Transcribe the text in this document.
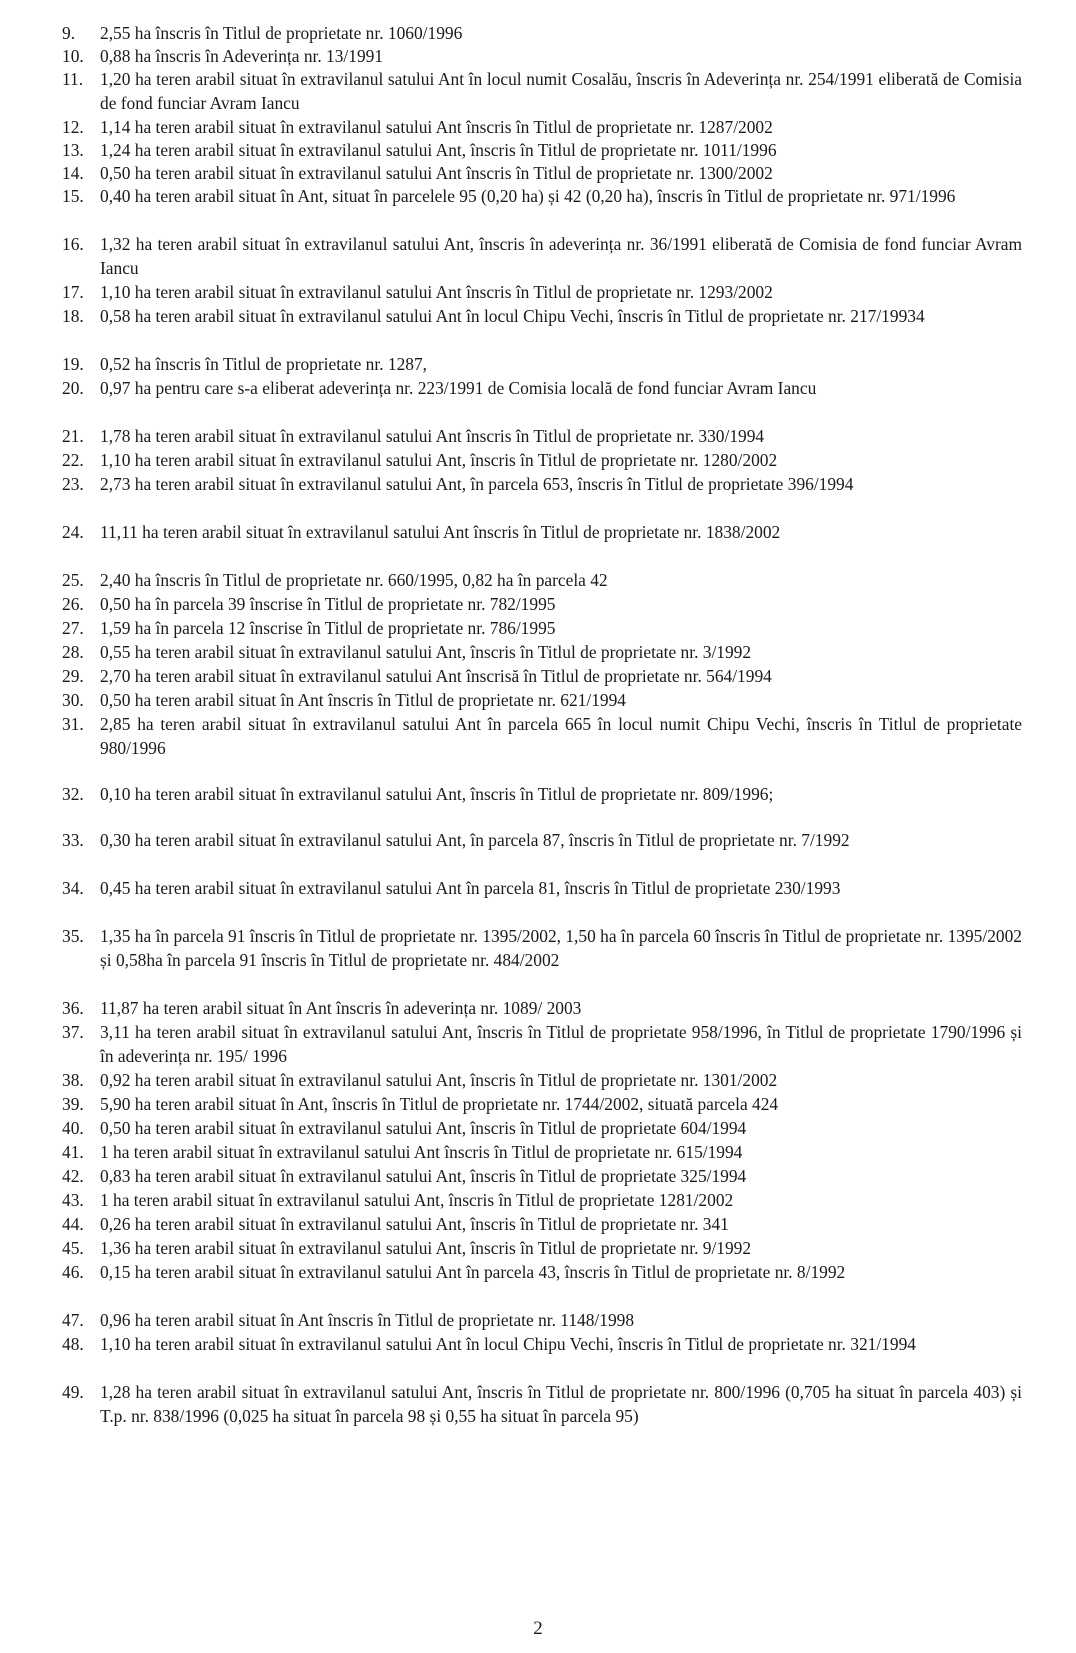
9.	2,55 ha înscris în Titlul de proprietate nr. 1060/1996
10. 0,88 ha înscris în Adeverința nr. 13/1991
11. 1,20 ha teren arabil situat în extravilanul satului Ant în locul numit Cosalău, înscris în Adeverința nr. 254/1991 eliberată de Comisia de fond funciar Avram Iancu
12. 1,14 ha teren arabil situat în extravilanul satului Ant înscris în Titlul de proprietate nr. 1287/2002
13. 1,24 ha teren arabil situat în extravilanul satului Ant, înscris în Titlul de proprietate nr. 1011/1996
14. 0,50 ha teren arabil situat în extravilanul satului Ant înscris în Titlul de proprietate nr. 1300/2002
15. 0,40 ha teren arabil situat în Ant, situat în parcelele 95 (0,20 ha) și 42 (0,20 ha), înscris în Titlul de proprietate nr. 971/1996
16. 1,32 ha teren arabil situat în extravilanul satului Ant, înscris în adeverința nr. 36/1991 eliberată de Comisia de fond funciar Avram Iancu
17. 1,10 ha teren arabil situat în extravilanul satului Ant înscris în Titlul de proprietate nr. 1293/2002
18. 0,58 ha teren arabil situat în extravilanul satului Ant în locul Chipu Vechi, înscris în Titlul de proprietate nr. 217/19934
19. 0,52 ha înscris în Titlul de proprietate nr. 1287,
20. 0,97 ha pentru care s-a eliberat adeverința nr. 223/1991 de Comisia locală de fond funciar Avram Iancu
21. 1,78 ha teren arabil situat în extravilanul satului Ant înscris în Titlul de proprietate nr. 330/1994
22. 1,10 ha teren arabil situat în extravilanul satului Ant, înscris în Titlul de proprietate nr. 1280/2002
23. 2,73 ha teren arabil situat în extravilanul satului Ant, în parcela 653, înscris în Titlul de proprietate 396/1994
24. 11,11 ha teren arabil situat în extravilanul satului Ant înscris în Titlul de proprietate nr. 1838/2002
25. 2,40 ha înscris în Titlul de proprietate nr. 660/1995, 0,82 ha în parcela 42
26. 0,50 ha în parcela 39 înscrise în Titlul de proprietate nr. 782/1995
27. 1,59 ha în parcela 12 înscrise în Titlul de proprietate nr. 786/1995
28. 0,55 ha teren arabil situat în extravilanul satului Ant, înscris în Titlul de proprietate nr. 3/1992
29. 2,70 ha teren arabil situat în extravilanul satului Ant înscrisă în Titlul de proprietate nr. 564/1994
30. 0,50 ha teren arabil situat în Ant înscris în Titlul de proprietate nr. 621/1994
31. 2,85 ha teren arabil situat în extravilanul satului Ant în parcela 665 în locul numit Chipu Vechi, înscris în Titlul de proprietate 980/1996
32. 0,10 ha teren arabil situat în extravilanul satului Ant, înscris în Titlul de proprietate nr. 809/1996;
33. 0,30 ha teren arabil situat în extravilanul satului Ant, în parcela 87, înscris în Titlul de proprietate nr. 7/1992
34. 0,45 ha teren arabil situat în extravilanul satului Ant în parcela 81, înscris în Titlul de proprietate 230/1993
35. 1,35 ha în parcela 91 înscris în Titlul de proprietate nr. 1395/2002, 1,50 ha în parcela 60 înscris în Titlul de proprietate nr. 1395/2002 și 0,58ha în parcela 91 înscris în Titlul de proprietate nr. 484/2002
36. 11,87 ha teren arabil situat în Ant înscris în adeverința nr. 1089/ 2003
37. 3,11 ha teren arabil situat în extravilanul satului Ant, înscris în Titlul de proprietate 958/1996, în Titlul de proprietate 1790/1996 și în adeverința nr. 195/ 1996
38. 0,92 ha teren arabil situat în extravilanul satului Ant, înscris în Titlul de proprietate nr. 1301/2002
39. 5,90 ha teren arabil situat în Ant, înscris în Titlul de proprietate nr. 1744/2002, situată parcela 424
40. 0,50 ha teren arabil situat în extravilanul satului Ant, înscris în Titlul de proprietate 604/1994
41. 1 ha teren arabil situat în extravilanul satului Ant înscris în Titlul de proprietate nr. 615/1994
42. 0,83 ha teren arabil situat în extravilanul satului Ant, înscris în Titlul de proprietate 325/1994
43. 1 ha teren arabil situat în extravilanul satului Ant, înscris în Titlul de proprietate 1281/2002
44. 0,26 ha teren arabil situat în extravilanul satului Ant, înscris în Titlul de proprietate nr. 341
45. 1,36 ha teren arabil situat în extravilanul satului Ant, înscris în Titlul de proprietate nr. 9/1992
46. 0,15 ha teren arabil situat în extravilanul satului Ant în parcela 43, înscris în Titlul de proprietate nr. 8/1992
47. 0,96 ha teren arabil situat în Ant înscris în Titlul de proprietate nr. 1148/1998
48. 1,10 ha teren arabil situat în extravilanul satului Ant în locul Chipu Vechi, înscris în Titlul de proprietate nr. 321/1994
49. 1,28 ha teren arabil situat în extravilanul satului Ant, înscris în Titlul de proprietate nr. 800/1996 (0,705 ha situat în parcela 403) și T.p. nr. 838/1996 (0,025 ha situat în parcela 98 și 0,55 ha situat în parcela 95)
2
